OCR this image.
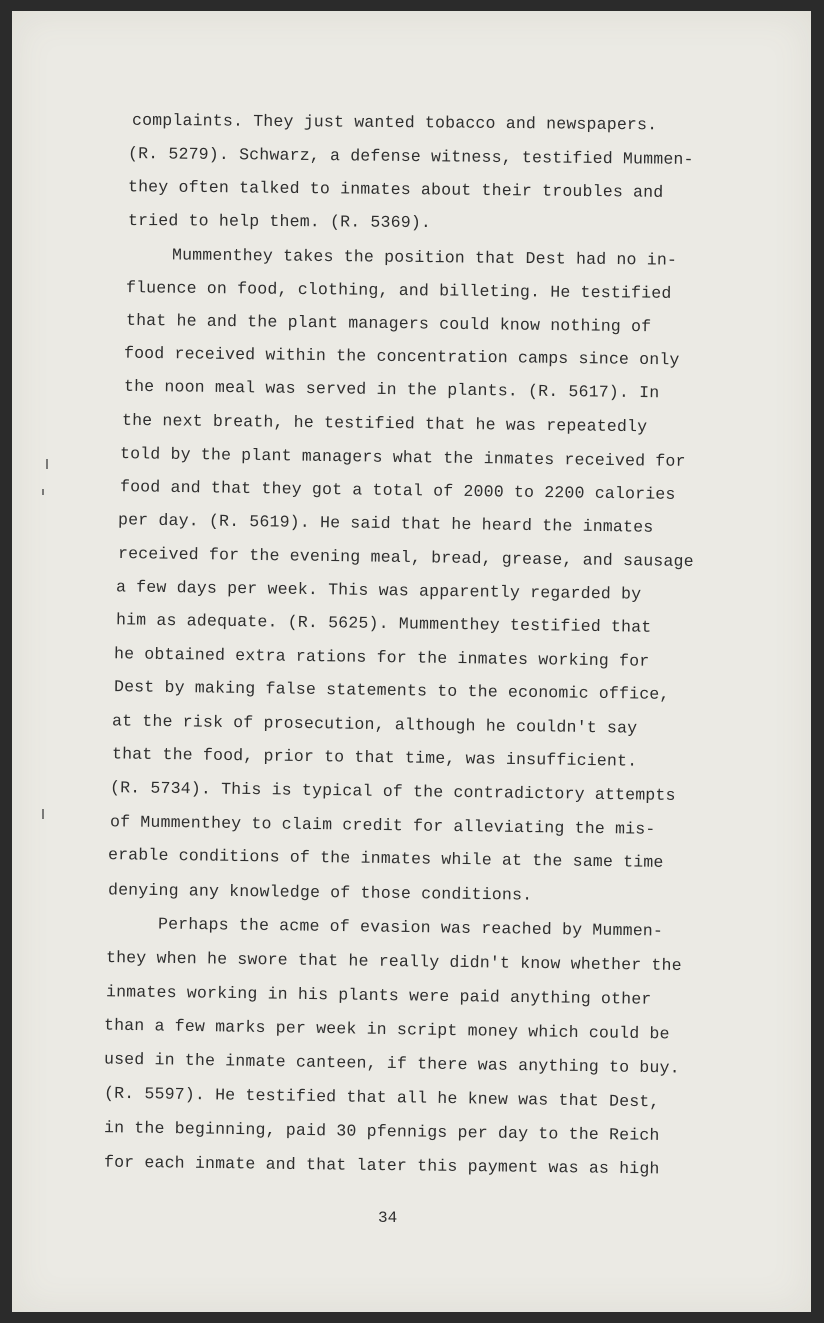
complaints. They just wanted tobacco and newspapers.
(R. 5279). Schwarz, a defense witness, testified Mummen-
they often talked to inmates about their troubles and
tried to help them. (R. 5369).
Mummenthey takes the position that Dest had no in-
fluence on food, clothing, and billeting. He testified
that he and the plant managers could know nothing of
food received within the concentration camps since only
the noon meal was served in the plants. (R. 5617). In
the next breath, he testified that he was repeatedly
told by the plant managers what the inmates received for
food and that they got a total of 2000 to 2200 calories
per day. (R. 5619). He said that he heard the inmates
received for the evening meal, bread, grease, and sausage
a few days per week. This was apparently regarded by
him as adequate. (R. 5625). Mummenthey testified that
he obtained extra rations for the inmates working for
Dest by making false statements to the economic office,
at the risk of prosecution, although he couldn't say
that the food, prior to that time, was insufficient.
(R. 5734). This is typical of the contradictory attempts
of Mummenthey to claim credit for alleviating the mis-
erable conditions of the inmates while at the same time
denying any knowledge of those conditions.
Perhaps the acme of evasion was reached by Mummen-
they when he swore that he really didn't know whether the
inmates working in his plants were paid anything other
than a few marks per week in script money which could be
used in the inmate canteen, if there was anything to buy.
(R. 5597). He testified that all he knew was that Dest,
in the beginning, paid 30 pfennigs per day to the Reich
for each inmate and that later this payment was as high
34
